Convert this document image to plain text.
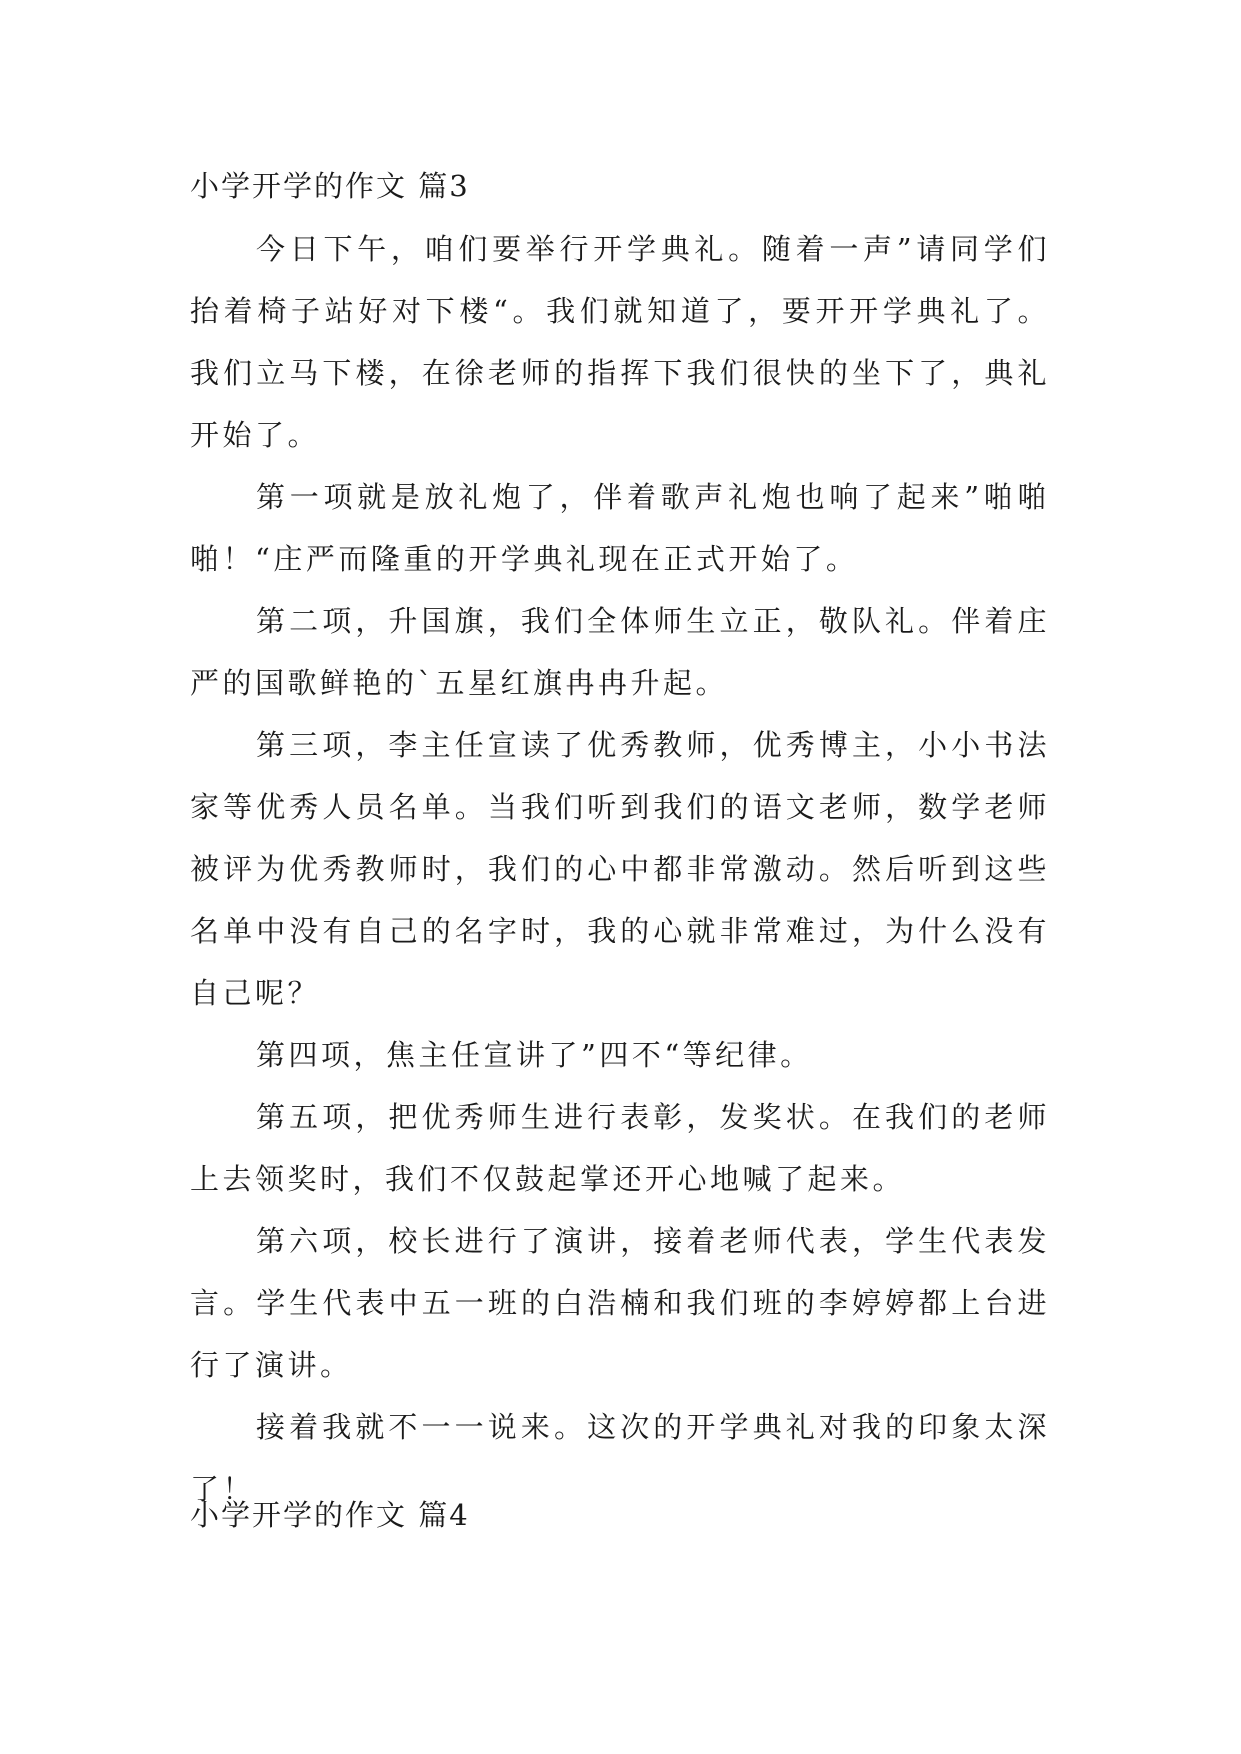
小学开学的作文 篇3

今日下午，咱们要举行开学典礼。随着一声”请同学们抬着椅子站好对下楼“。我们就知道了，要开开学典礼了。我们立马下楼，在徐老师的指挥下我们很快的坐下了，典礼开始了。

第一项就是放礼炮了，伴着歌声礼炮也响了起来”啪啪 啪！“庄严而隆重的开学典礼现在正式开始了。

第二项，升国旗，我们全体师生立正，敬队礼。伴着庄严的国歌鲜艳的`五星红旗冉冉升起。

第三项，李主任宣读了优秀教师，优秀博主，小小书法家等优秀人员名单。当我们听到我们的语文老师，数学老师被评为优秀教师时，我们的心中都非常激动。然后听到这些名单中没有自己的名字时，我的心就非常难过，为什么没有自己呢？

第四项，焦主任宣讲了”四不“等纪律。

第五项，把优秀师生进行表彰，发奖状。在我们的老师上去领奖时，我们不仅鼓起掌还开心地喊了起来。

第六项，校长进行了演讲，接着老师代表，学生代表发言。学生代表中五一班的白浩楠和我们班的李婷婷都上台进行了演讲。

接着我就不一一说来。这次的开学典礼对我的印象太深了！

小学开学的作文 篇4
